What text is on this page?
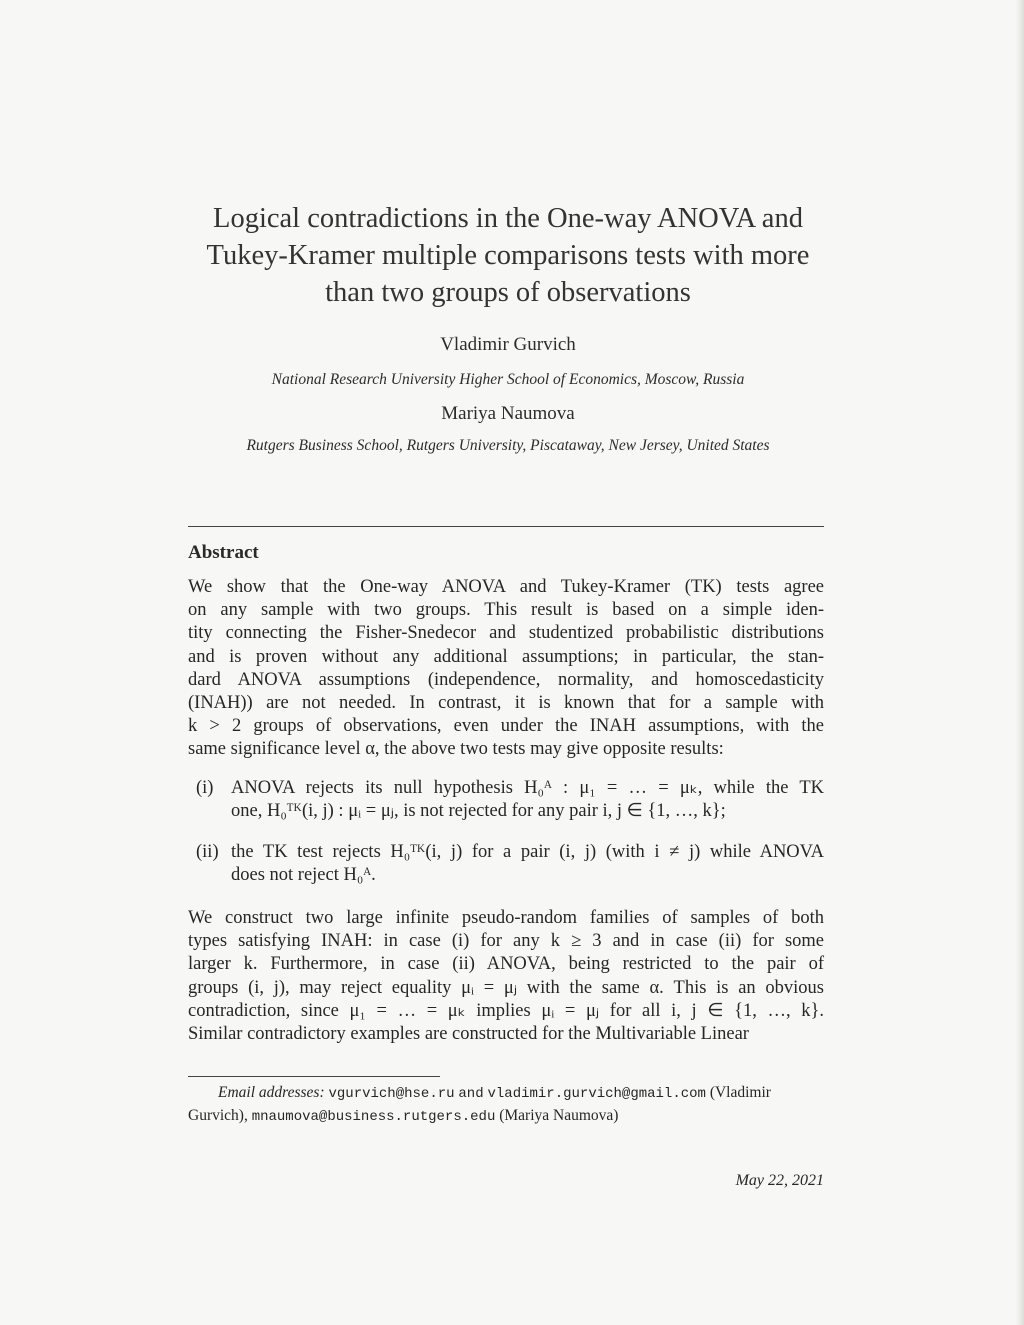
Logical contradictions in the One-way ANOVA and
Tukey-Kramer multiple comparisons tests with more
than two groups of observations
Vladimir Gurvich
National Research University Higher School of Economics, Moscow, Russia
Mariya Naumova
Rutgers Business School, Rutgers University, Piscataway, New Jersey, United States
Abstract
We show that the One-way ANOVA and Tukey-Kramer (TK) tests agree
on any sample with two groups. This result is based on a simple iden-
tity connecting the Fisher-Snedecor and studentized probabilistic distributions
and is proven without any additional assumptions; in particular, the stan-
dard ANOVA assumptions (independence, normality, and homoscedasticity
(INAH)) are not needed. In contrast, it is known that for a sample with
k > 2 groups of observations, even under the INAH assumptions, with the
same significance level α, the above two tests may give opposite results:
(i) ANOVA rejects its null hypothesis H₀ᴬ : μ₁ = … = μₖ, while the TK
one, H₀ᵀᴷ(i, j) : μᵢ = μⱼ, is not rejected for any pair i, j ∈ {1, …, k};
(ii) the TK test rejects H₀ᵀᴷ(i, j) for a pair (i, j) (with i ≠ j) while ANOVA
does not reject H₀ᴬ.
We construct two large infinite pseudo-random families of samples of both
types satisfying INAH: in case (i) for any k ≥ 3 and in case (ii) for some
larger k. Furthermore, in case (ii) ANOVA, being restricted to the pair of
groups (i, j), may reject equality μᵢ = μⱼ with the same α. This is an obvious
contradiction, since μ₁ = … = μₖ implies μᵢ = μⱼ for all i, j ∈ {1, …, k}.
Similar contradictory examples are constructed for the Multivariable Linear
Email addresses: vgurvich@hse.ru and vladimir.gurvich@gmail.com (Vladimir
Gurvich), mnaumova@business.rutgers.edu (Mariya Naumova)
May 22, 2021
